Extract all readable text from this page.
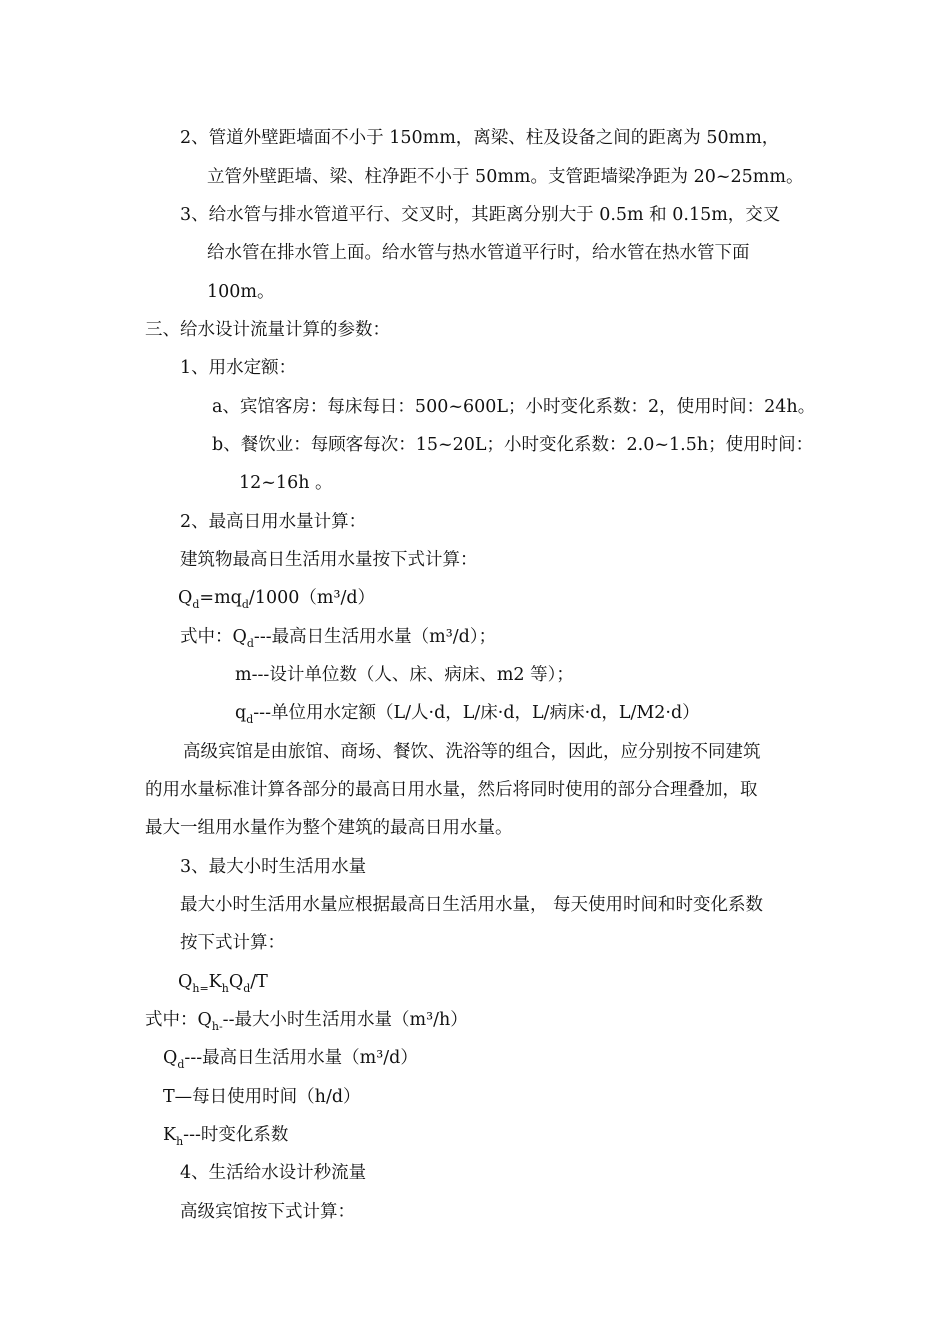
2、管道外壁距墙面不小于 150mm，离梁、柱及设备之间的距离为 50mm，
立管外壁距墙、梁、柱净距不小于 50mm。支管距墙梁净距为 20~25mm。
3、给水管与排水管道平行、交叉时，其距离分别大于 0.5m 和 0.15m，交叉
给水管在排水管上面。给水管与热水管道平行时，给水管在热水管下面
100m。
三、给水设计流量计算的参数：
1、用水定额：
a、宾馆客房：每床每日：500~600L；小时变化系数：2，使用时间：24h。
b、餐饮业：每顾客每次：15~20L；小时变化系数：2.0~1.5h；使用时间：
12~16h 。
2、最高日用水量计算：
建筑物最高日生活用水量按下式计算：
$Q_d=mq_d/1000(m^3/d)$
式中：$Q_d---$最高日生活用水量（m³/d）；
m---设计单位数（人、床、病床、m2 等）；
$q_d---$单位用水定额（L/人·d，L/床·d，L/病床·d，L/M2·d）
高级宾馆是由旅馆、商场、餐饮、洗浴等的组合，因此，应分别按不同建筑
的用水量标准计算各部分的最高日用水量，然后将同时使用的部分合理叠加，取
最大一组用水量作为整个建筑的最高日用水量。
3、最大小时生活用水量
最大小时生活用水量应根据最高日生活用水量， 每天使用时间和时变化系数
按下式计算：
$Q_{h=}K_hQ_d/T$
式中：$Q_{h-}--$最大小时生活用水量（m³/h）
$Q_d---$最高日生活用水量（m³/d）
T—每日使用时间（h/d）
$K_h---$时变化系数
4、生活给水设计秒流量
高级宾馆按下式计算：
